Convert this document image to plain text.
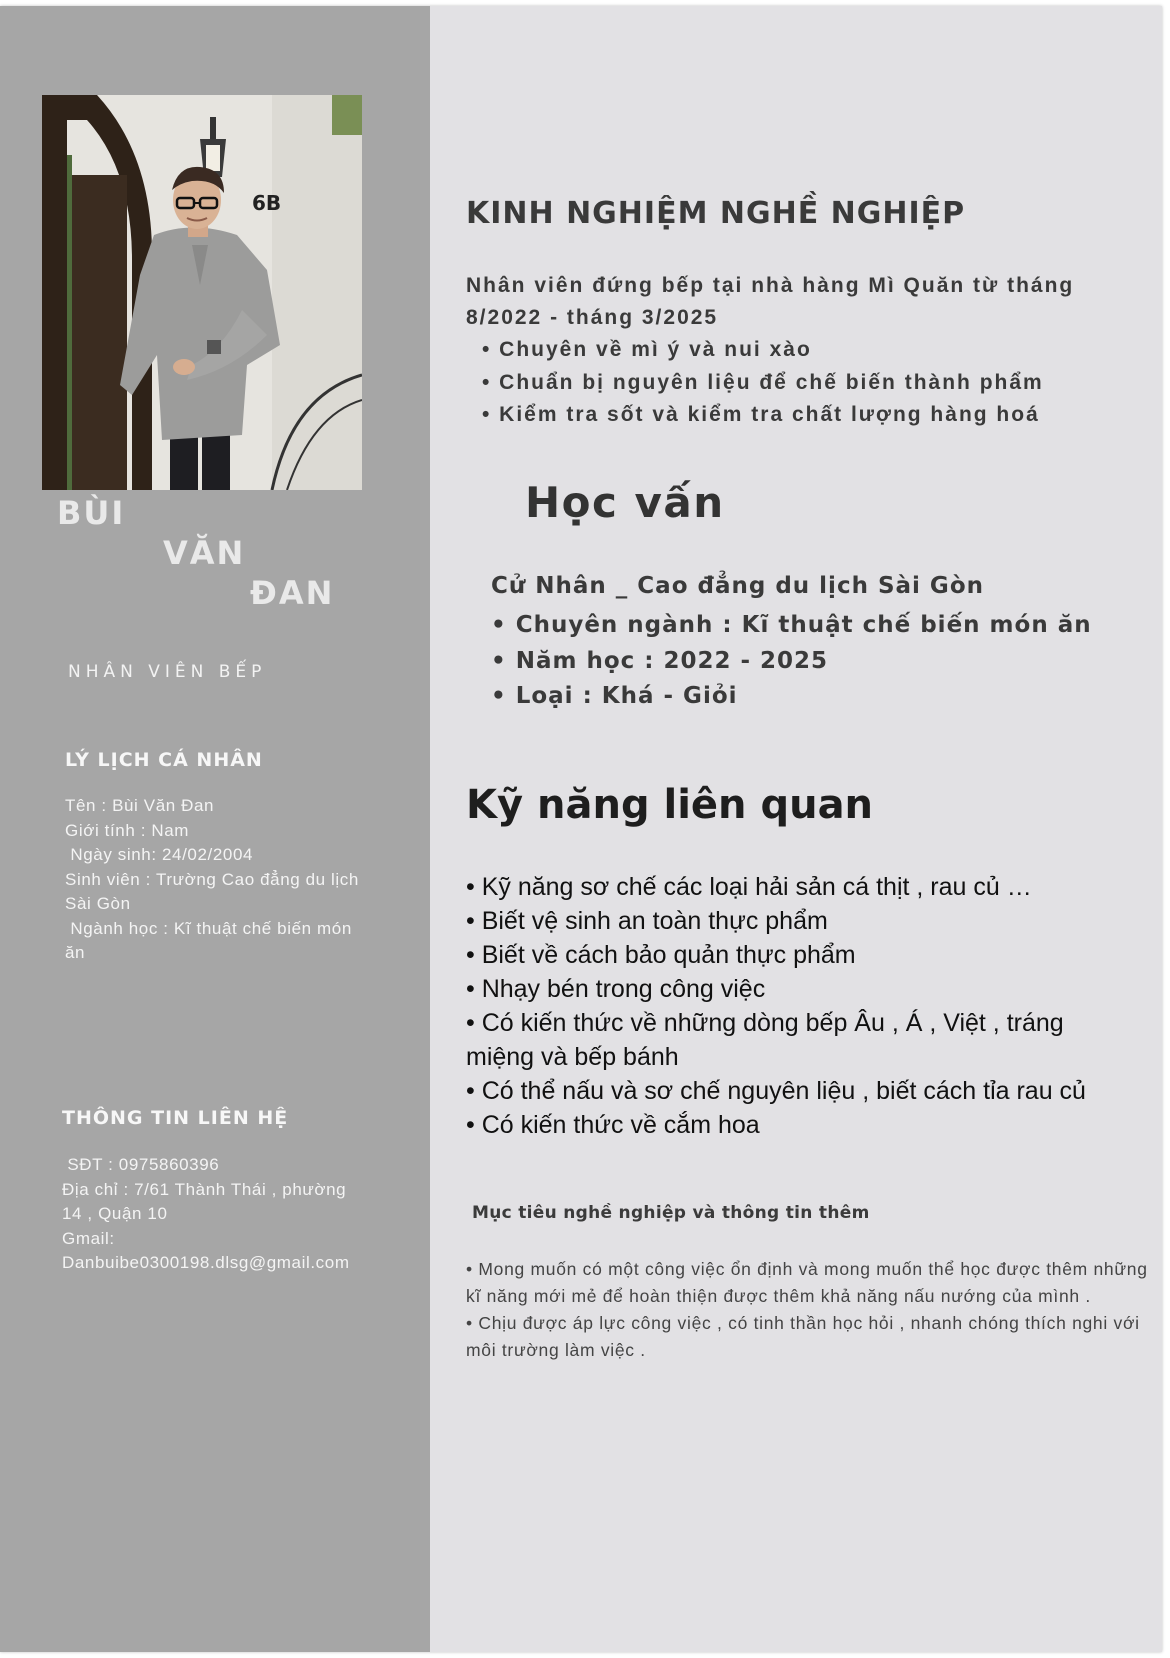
6B
BÙI
VĂN
ĐAN
NHÂN VIÊN BẾP
LÝ LỊCH CÁ NHÂN
Tên : Bùi Văn Đan
Giới tính : Nam
Ngày sinh: 24/02/2004
Sinh viên : Trường Cao đẳng du lịch
Sài Gòn
Ngành học : Kĩ thuật chế biến món
ăn
THÔNG TIN LIÊN HỆ
SĐT : 0975860396
Địa chỉ : 7/61 Thành Thái , phường
14 , Quận 10
Gmail:
Danbuibe0300198.dlsg@gmail.com
KINH NGHIỆM NGHỀ NGHIỆP

Nhân viên đứng bếp tại nhà hàng Mì Quăn từ tháng 8/2022 - tháng 3/2025

• Chuyên về mì ý và nui xào
• Chuẩn bị nguyên liệu để chế biến thành phẩm
• Kiểm tra sốt và kiểm tra chất lượng hàng hoá
Học vấn
Cử Nhân _ Cao đẳng du lịch Sài Gòn
• Chuyên ngành : Kĩ thuật chế biến món ăn
• Năm học : 2022 - 2025
• Loại : Khá - Giỏi
Kỹ năng liên quan
• Kỹ năng sơ chế các loại hải sản cá thịt , rau củ …
• Biết vệ sinh an toàn thực phẩm
• Biết về cách bảo quản thực phẩm
• Nhạy bén trong công việc
• Có kiến thức về những dòng bếp Âu , Á , Việt , tráng miệng và bếp bánh
• Có thể nấu và sơ chế nguyên liệu , biết cách tỉa rau củ
• Có kiến thức về cắm hoa
Mục tiêu nghề nghiệp và thông tin thêm

• Mong muốn có một công việc ổn định và mong muốn thể học được thêm những kĩ năng mới mẻ để hoàn thiện được thêm khả năng nấu nướng của mình .

• Chịu được áp lực công việc , có tinh thần học hỏi , nhanh chóng thích nghi với môi trường làm việc .
